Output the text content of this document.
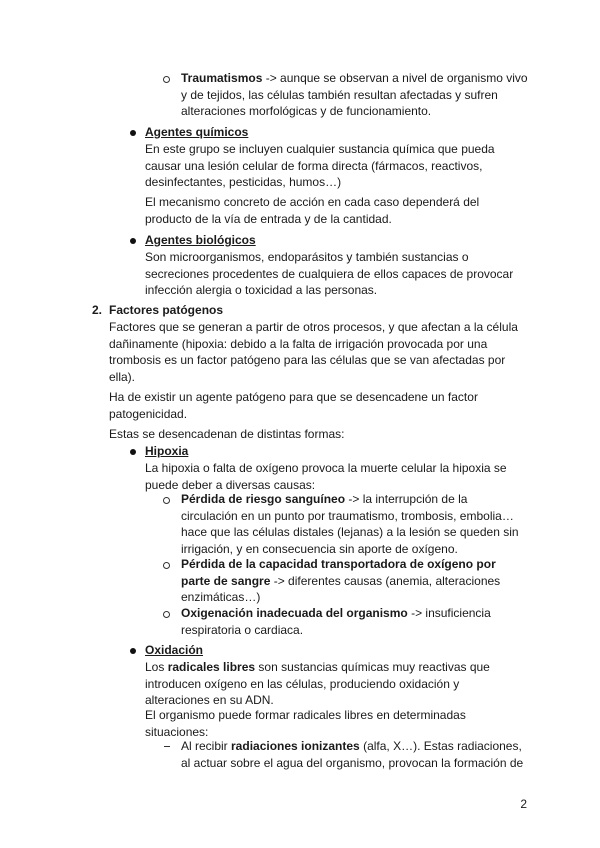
Traumatismos -> aunque se observan a nivel de organismo vivo y de tejidos, las células también resultan afectadas y sufren alteraciones morfológicas y de funcionamiento.

Agentes químicos

En este grupo se incluyen cualquier sustancia química que pueda causar una lesión celular de forma directa (fármacos, reactivos, desinfectantes, pesticidas, humos…)

El mecanismo concreto de acción en cada caso dependerá del producto de la vía de entrada y de la cantidad.

Agentes biológicos

Son microorganismos, endoparásitos y también sustancias o secreciones procedentes de cualquiera de ellos capaces de provocar infección alergia o toxicidad a las personas.

2. Factores patógenos

Factores que se generan a partir de otros procesos, y que afectan a la célula dañinamente (hipoxia: debido a la falta de irrigación provocada por una trombosis es un factor patógeno para las células que se van afectadas por ella).

Ha de existir un agente patógeno para que se desencadene un factor patogenicidad.

Estas se desencadenan de distintas formas:

Hipoxia

La hipoxia o falta de oxígeno provoca la muerte celular la hipoxia se puede deber a diversas causas:

Pérdida de riesgo sanguíneo -> la interrupción de la circulación en un punto por traumatismo, trombosis, embolia… hace que las células distales (lejanas) a la lesión se queden sin irrigación, y en consecuencia sin aporte de oxígeno.

Pérdida de la capacidad transportadora de oxígeno por parte de sangre -> diferentes causas (anemia, alteraciones enzimáticas…)

Oxigenación inadecuada del organismo -> insuficiencia respiratoria o cardiaca.

Oxidación

Los radicales libres son sustancias químicas muy reactivas que introducen oxígeno en las células, produciendo oxidación y alteraciones en su ADN.

El organismo puede formar radicales libres en determinadas situaciones:

Al recibir radiaciones ionizantes (alfa, X…). Estas radiaciones, al actuar sobre el agua del organismo, provocan la formación de

2
